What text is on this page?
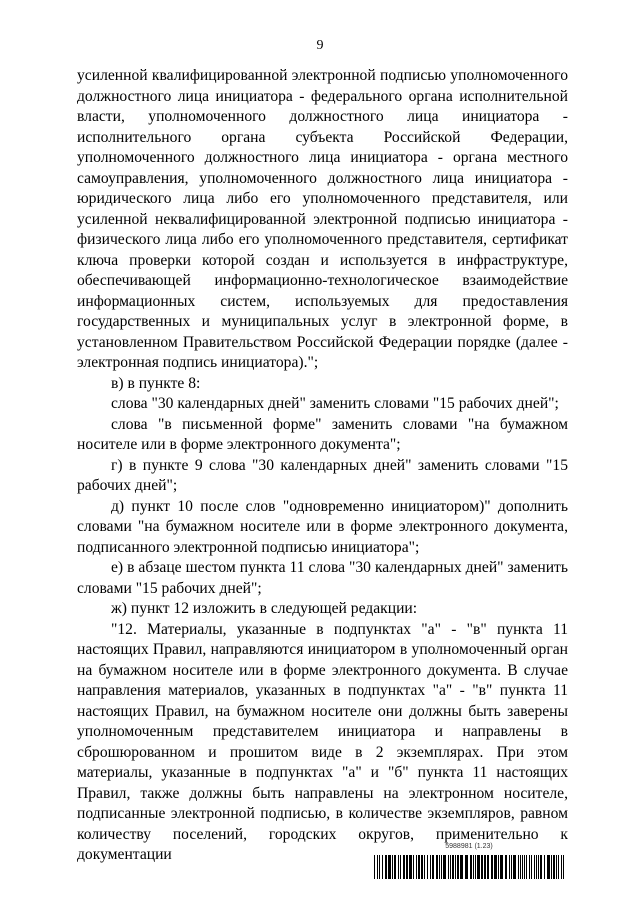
9

усиленной квалифицированной электронной подписью уполномоченного должностного лица инициатора - федерального органа исполнительной власти, уполномоченного должностного лица инициатора - исполнительного органа субъекта Российской Федерации, уполномоченного должностного лица инициатора - органа местного самоуправления, уполномоченного должностного лица инициатора - юридического лица либо его уполномоченного представителя, или усиленной неквалифицированной электронной подписью инициатора - физического лица либо его уполномоченного представителя, сертификат ключа проверки которой создан и используется в инфраструктуре, обеспечивающей информационно-технологическое взаимодействие информационных систем, используемых для предоставления государственных и муниципальных услуг в электронной форме, в установленном Правительством Российской Федерации порядке (далее - электронная подпись инициатора).";

в) в пункте 8:

слова "30 календарных дней" заменить словами "15 рабочих дней";

слова "в письменной форме" заменить словами "на бумажном носителе или в форме электронного документа";

г) в пункте 9 слова "30 календарных дней" заменить словами "15 рабочих дней";

д) пункт 10 после слов "одновременно инициатором)" дополнить словами "на бумажном носителе или в форме электронного документа, подписанного электронной подписью инициатора";

е) в абзаце шестом пункта 11 слова "30 календарных дней" заменить словами "15 рабочих дней";

ж) пункт 12 изложить в следующей редакции:

"12. Материалы, указанные в подпунктах "а" - "в" пункта 11 настоящих Правил, направляются инициатором в уполномоченный орган на бумажном носителе или в форме электронного документа. В случае направления материалов, указанных в подпунктах "а" - "в" пункта 11 настоящих Правил, на бумажном носителе они должны быть заверены уполномоченным представителем инициатора и направлены в сброшюрованном и прошитом виде в 2 экземплярах. При этом материалы, указанные в подпунктах "а" и "б" пункта 11 настоящих Правил, также должны быть направлены на электронном носителе, подписанные электронной подписью, в количестве экземпляров, равном количеству поселений, городских округов, применительно к документации	5988981 (1.23)
